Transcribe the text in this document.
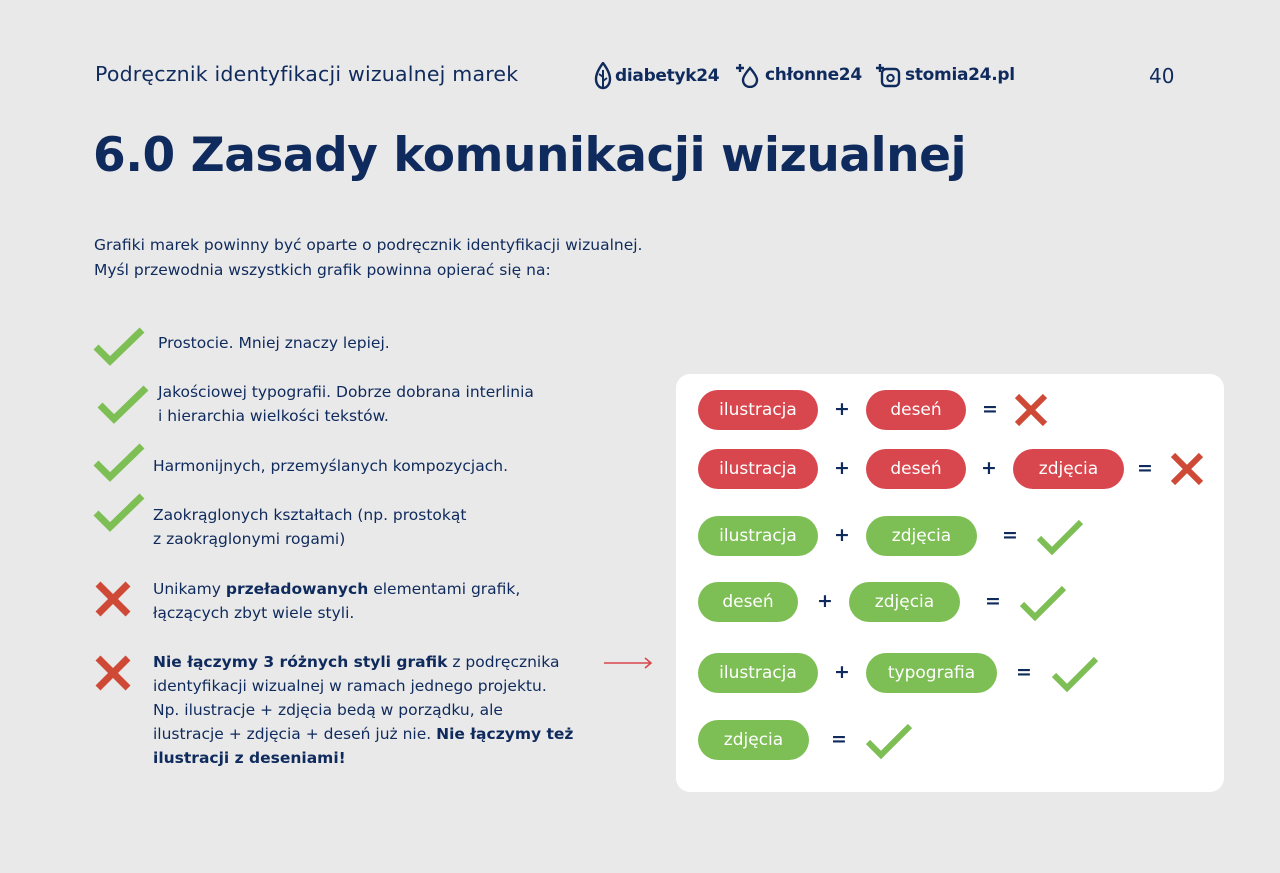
Podręcznik identyfikacji wizualnej marek	diabetyk24	chłonne24	stomia24.pl	40
6.0 Zasady komunikacji wizualnej
Grafiki marek powinny być oparte o podręcznik identyfikacji wizualnej.
Myśl przewodnia wszystkich grafik powinna opierać się na:
Prostocie. Mniej znaczy lepiej.
Jakościowej typografii. Dobrze dobrana interlinia
i hierarchia wielkości tekstów.
Harmonijnych, przemyślanych kompozycjach.
Zaokrąglonych kształtach (np. prostokąt
z zaokrąglonymi rogami)
Unikamy przeładowanych elementami grafik,
łączących zbyt wiele styli.
Nie łączymy 3 różnych styli grafik z podręcznika
identyfikacji wizualnej w ramach jednego projektu.
Np. ilustracje + zdjęcia bedą w porządku, ale
ilustracje + zdjęcia + deseń już nie. Nie łączymy też
ilustracji z deseniami!
ilustracja	+	deseń	=
ilustracja	+	deseń	+	zdjęcia	=
ilustracja	+	zdjęcia	=
deseń	+	zdjęcia	=
ilustracja	+	typografia	=
zdjęcia	=
